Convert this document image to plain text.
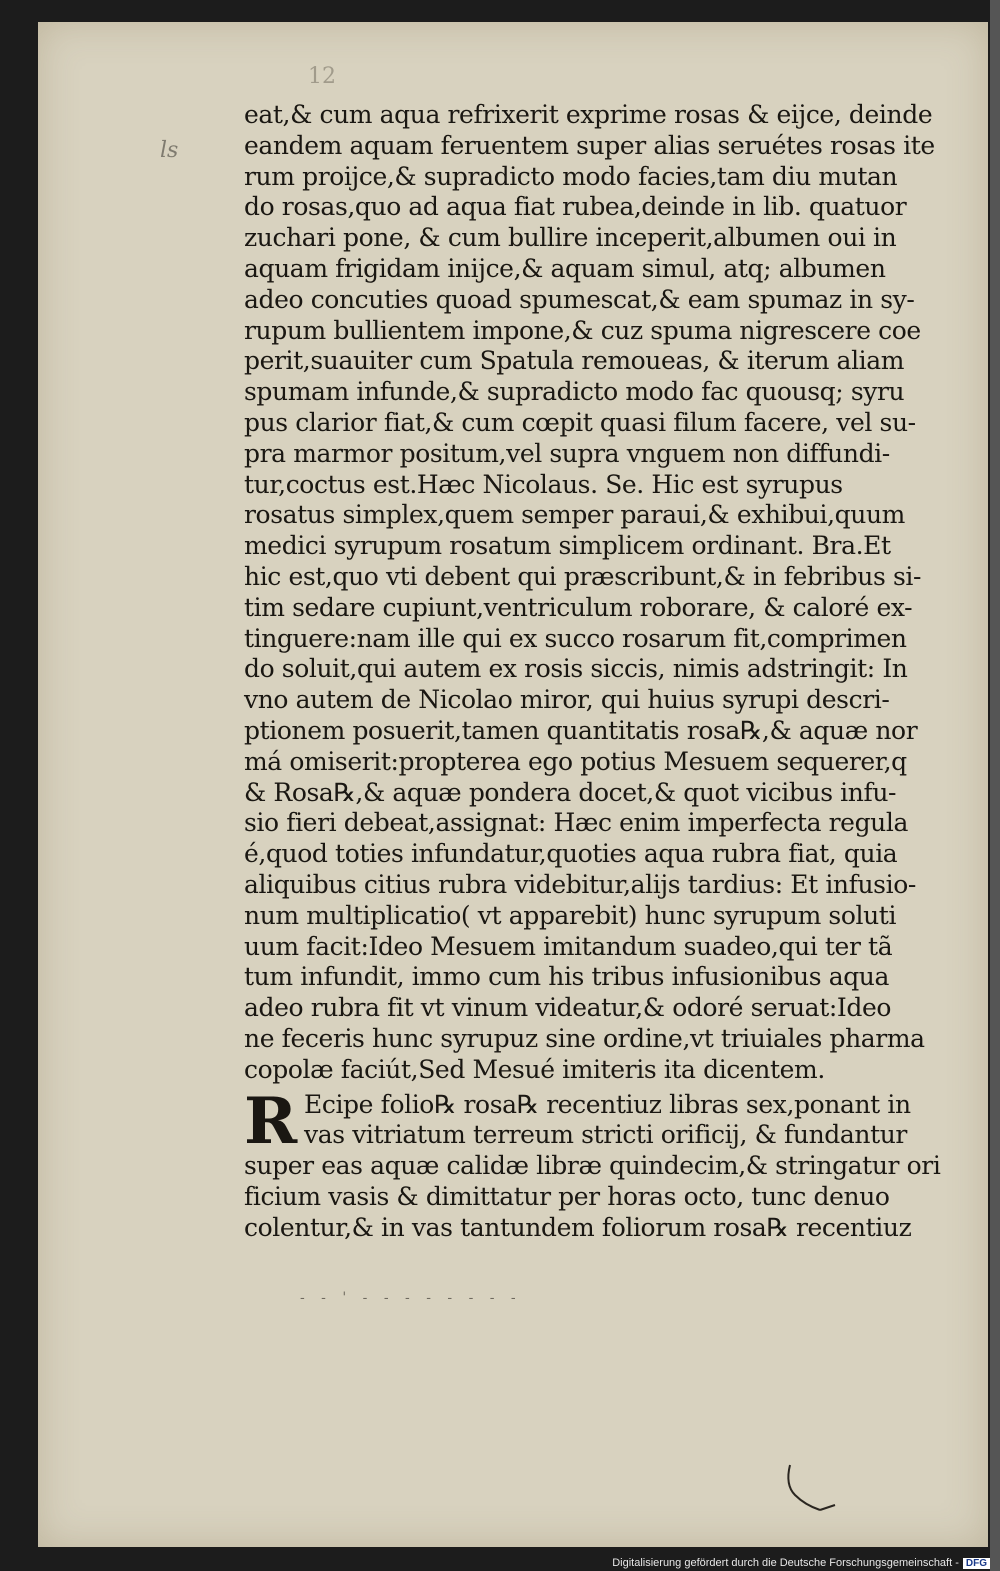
12
ls
eat,& cum aqua refrixerit exprime rosas & eijce, deinde
eandem aquam feruentem super alias seruétes rosas ite
rum proijce,& supradicto modo facies,tam diu mutan
do rosas,quo ad aqua fiat rubea,deinde in lib. quatuor
zuchari pone, & cum bullire inceperit,albumen oui in
aquam frigidam inijce,& aquam simul, atq; albumen
adeo concuties quoad spumescat,& eam spumaz in sy-
rupum bullientem impone,& cuz spuma nigrescere coe
perit,suauiter cum Spatula remoueas, & iterum aliam
spumam infunde,& supradicto modo fac quousq; syru
pus clarior fiat,& cum cœpit quasi filum facere, vel su-
pra marmor positum,vel supra vnguem non diffundi-
tur,coctus est.Hæc Nicolaus. Se. Hic est syrupus
rosatus simplex,quem semper paraui,& exhibui,quum
medici syrupum rosatum simplicem ordinant. Bra.Et
hic est,quo vti debent qui præscribunt,& in febribus si-
tim sedare cupiunt,ventriculum roborare, & caloré ex-
tinguere:nam ille qui ex succo rosarum fit,comprimen
do soluit,qui autem ex rosis siccis, nimis adstringit: In
vno autem de Nicolao miror, qui huius syrupi descri-
ptionem posuerit,tamen quantitatis rosa℞,& aquæ nor
má omiserit:propterea ego potius Mesuem sequerer,q
& Rosa℞,& aquæ pondera docet,& quot vicibus infu-
sio fieri debeat,assignat: Hæc enim imperfecta regula
é,quod toties infundatur,quoties aqua rubra fiat, quia
aliquibus citius rubra videbitur,alijs tardius: Et infusio-
num multiplicatio( vt apparebit) hunc syrupum soluti
uum facit:Ideo Mesuem imitandum suadeo,qui ter tã
tum infundit, immo cum his tribus infusionibus aqua
adeo rubra fit vt vinum videatur,& odoré seruat:Ideo
ne feceris hunc syrupuz sine ordine,vt triuiales pharma
copolæ faciút,Sed Mesué imiteris ita dicentem.
R Ecipe folio℞ rosa℞ recentiuz libras sex,ponant in
vas vitriatum terreum stricti orificij, & fundantur
super eas aquæ calidæ libræ quindecim,& stringatur ori
ficium vasis & dimittatur per horas octo, tunc denuo
colentur,& in vas tantundem foliorum rosa℞ recentiuz
- - ' - - - - - - - -
Digitalisierung gefördert durch die Deutsche Forschungsgemeinschaft - DFG
